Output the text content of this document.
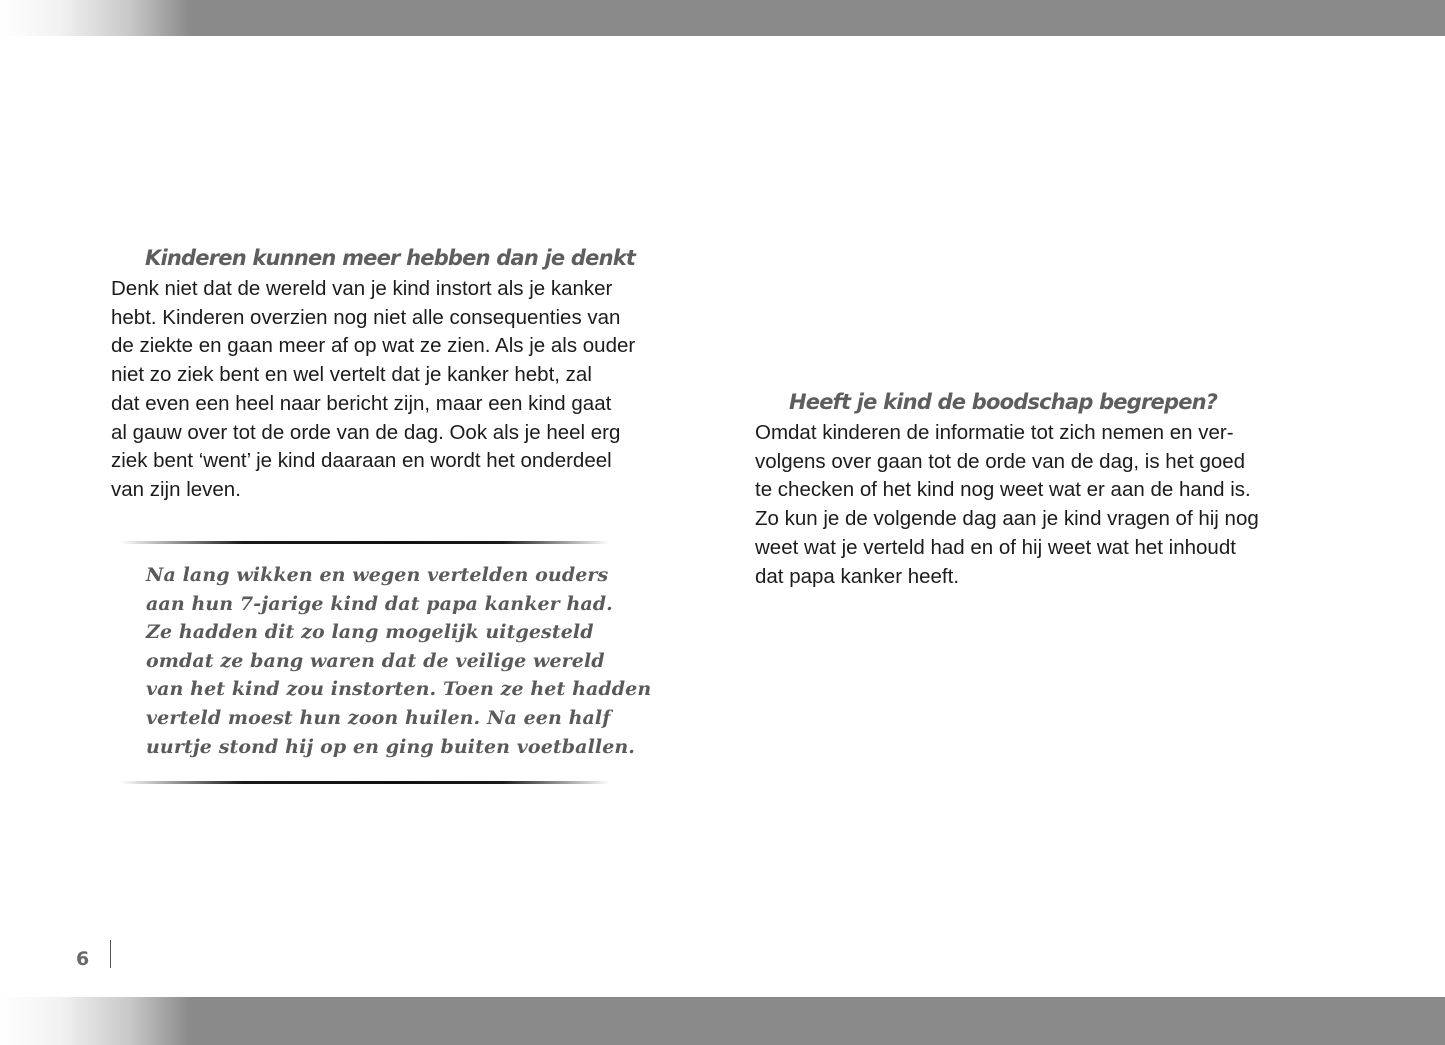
Kinderen kunnen meer hebben dan je denkt
Denk niet dat de wereld van je kind instort als je kanker
hebt. Kinderen overzien nog niet alle consequenties van
de ziekte en gaan meer af op wat ze zien. Als je als ouder
niet zo ziek bent en wel vertelt dat je kanker hebt, zal
dat even een heel naar bericht zijn, maar een kind gaat
al gauw over tot de orde van de dag. Ook als je heel erg
ziek bent ‘went’ je kind daaraan en wordt het onderdeel
van zijn leven.
Na lang wikken en wegen vertelden ouders
aan hun 7-jarige kind dat papa kanker had.
Ze hadden dit zo lang mogelijk uitgesteld
omdat ze bang waren dat de veilige wereld
van het kind zou instorten. Toen ze het hadden
verteld moest hun zoon huilen. Na een half
uurtje stond hij op en ging buiten voetballen.
Heeft je kind de boodschap begrepen?
Omdat kinderen de informatie tot zich nemen en ver-
volgens over gaan tot de orde van de dag, is het goed
te checken of het kind nog weet wat er aan de hand is.
Zo kun je de volgende dag aan je kind vragen of hij nog
weet wat je verteld had en of hij weet wat het inhoudt
dat papa kanker heeft.
6
